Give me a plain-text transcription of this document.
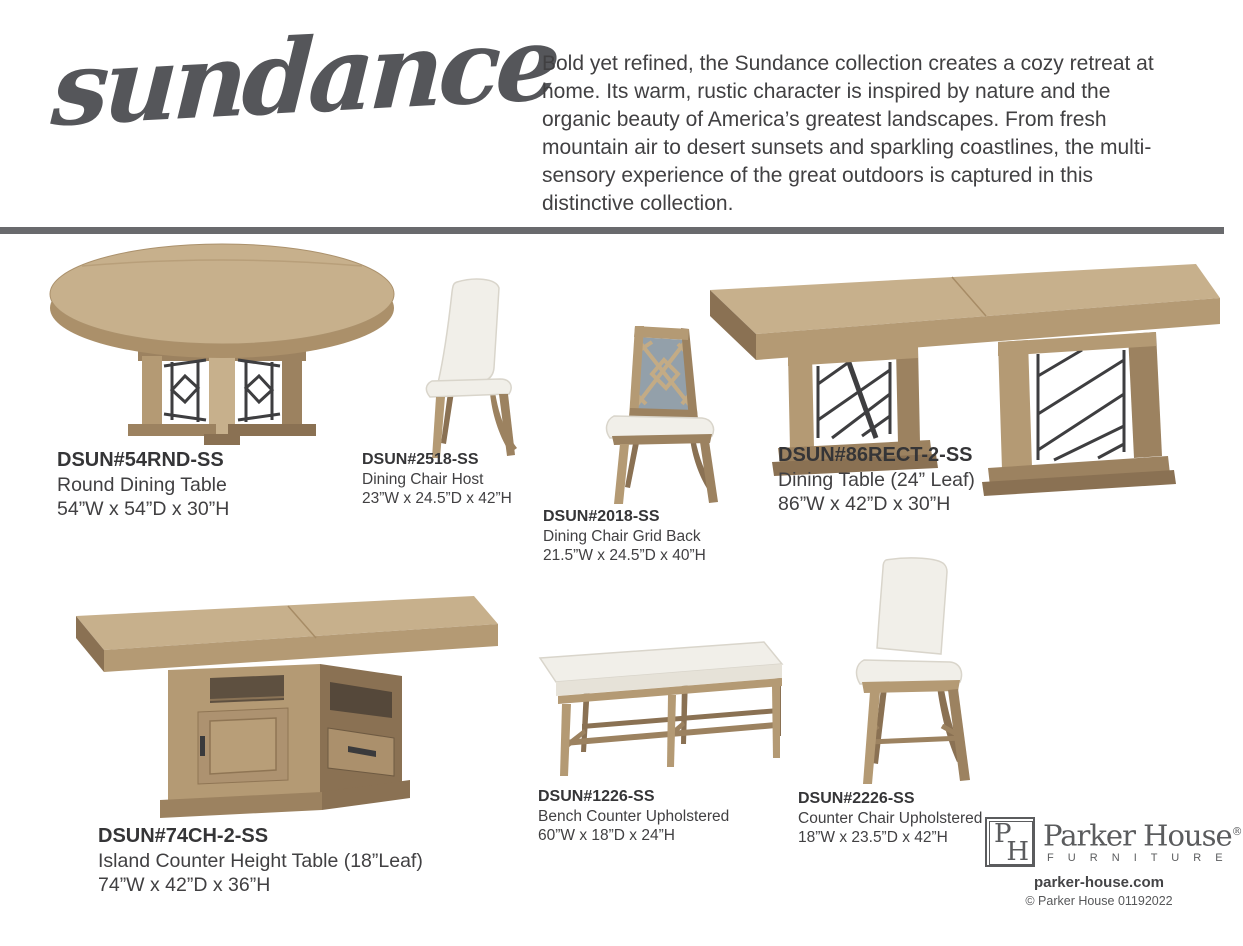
sundance

Bold yet refined, the Sundance collection creates a cozy retreat at home. Its warm, rustic character is inspired by nature and the organic beauty of America’s greatest landscapes. From fresh mountain air to desert sunsets and sparkling coastlines, the multi-sensory experience of the great outdoors is captured in this distinctive collection.

DSUN#54RND-SS
Round Dining Table
54”W x 54”D x 30”H
DSUN#2518-SS
Dining Chair Host
23”W x 24.5”D x 42”H
DSUN#2018-SS
Dining Chair Grid Back
21.5”W x 24.5”D x 40”H
DSUN#86RECT-2-SS
Dining Table (24” Leaf)
86”W x 42”D x 30”H
DSUN#74CH-2-SS
Island Counter Height Table (18”Leaf)
74”W x 42”D x 36”H
DSUN#1226-SS
Bench Counter Upholstered
60”W x 18”D x 24”H
DSUN#2226-SS
Counter Chair Upholstered
18”W x 23.5”D x 42”H	P
H Parker House®
F U R N I T U R E
parker-house.com
© Parker House 01192022
